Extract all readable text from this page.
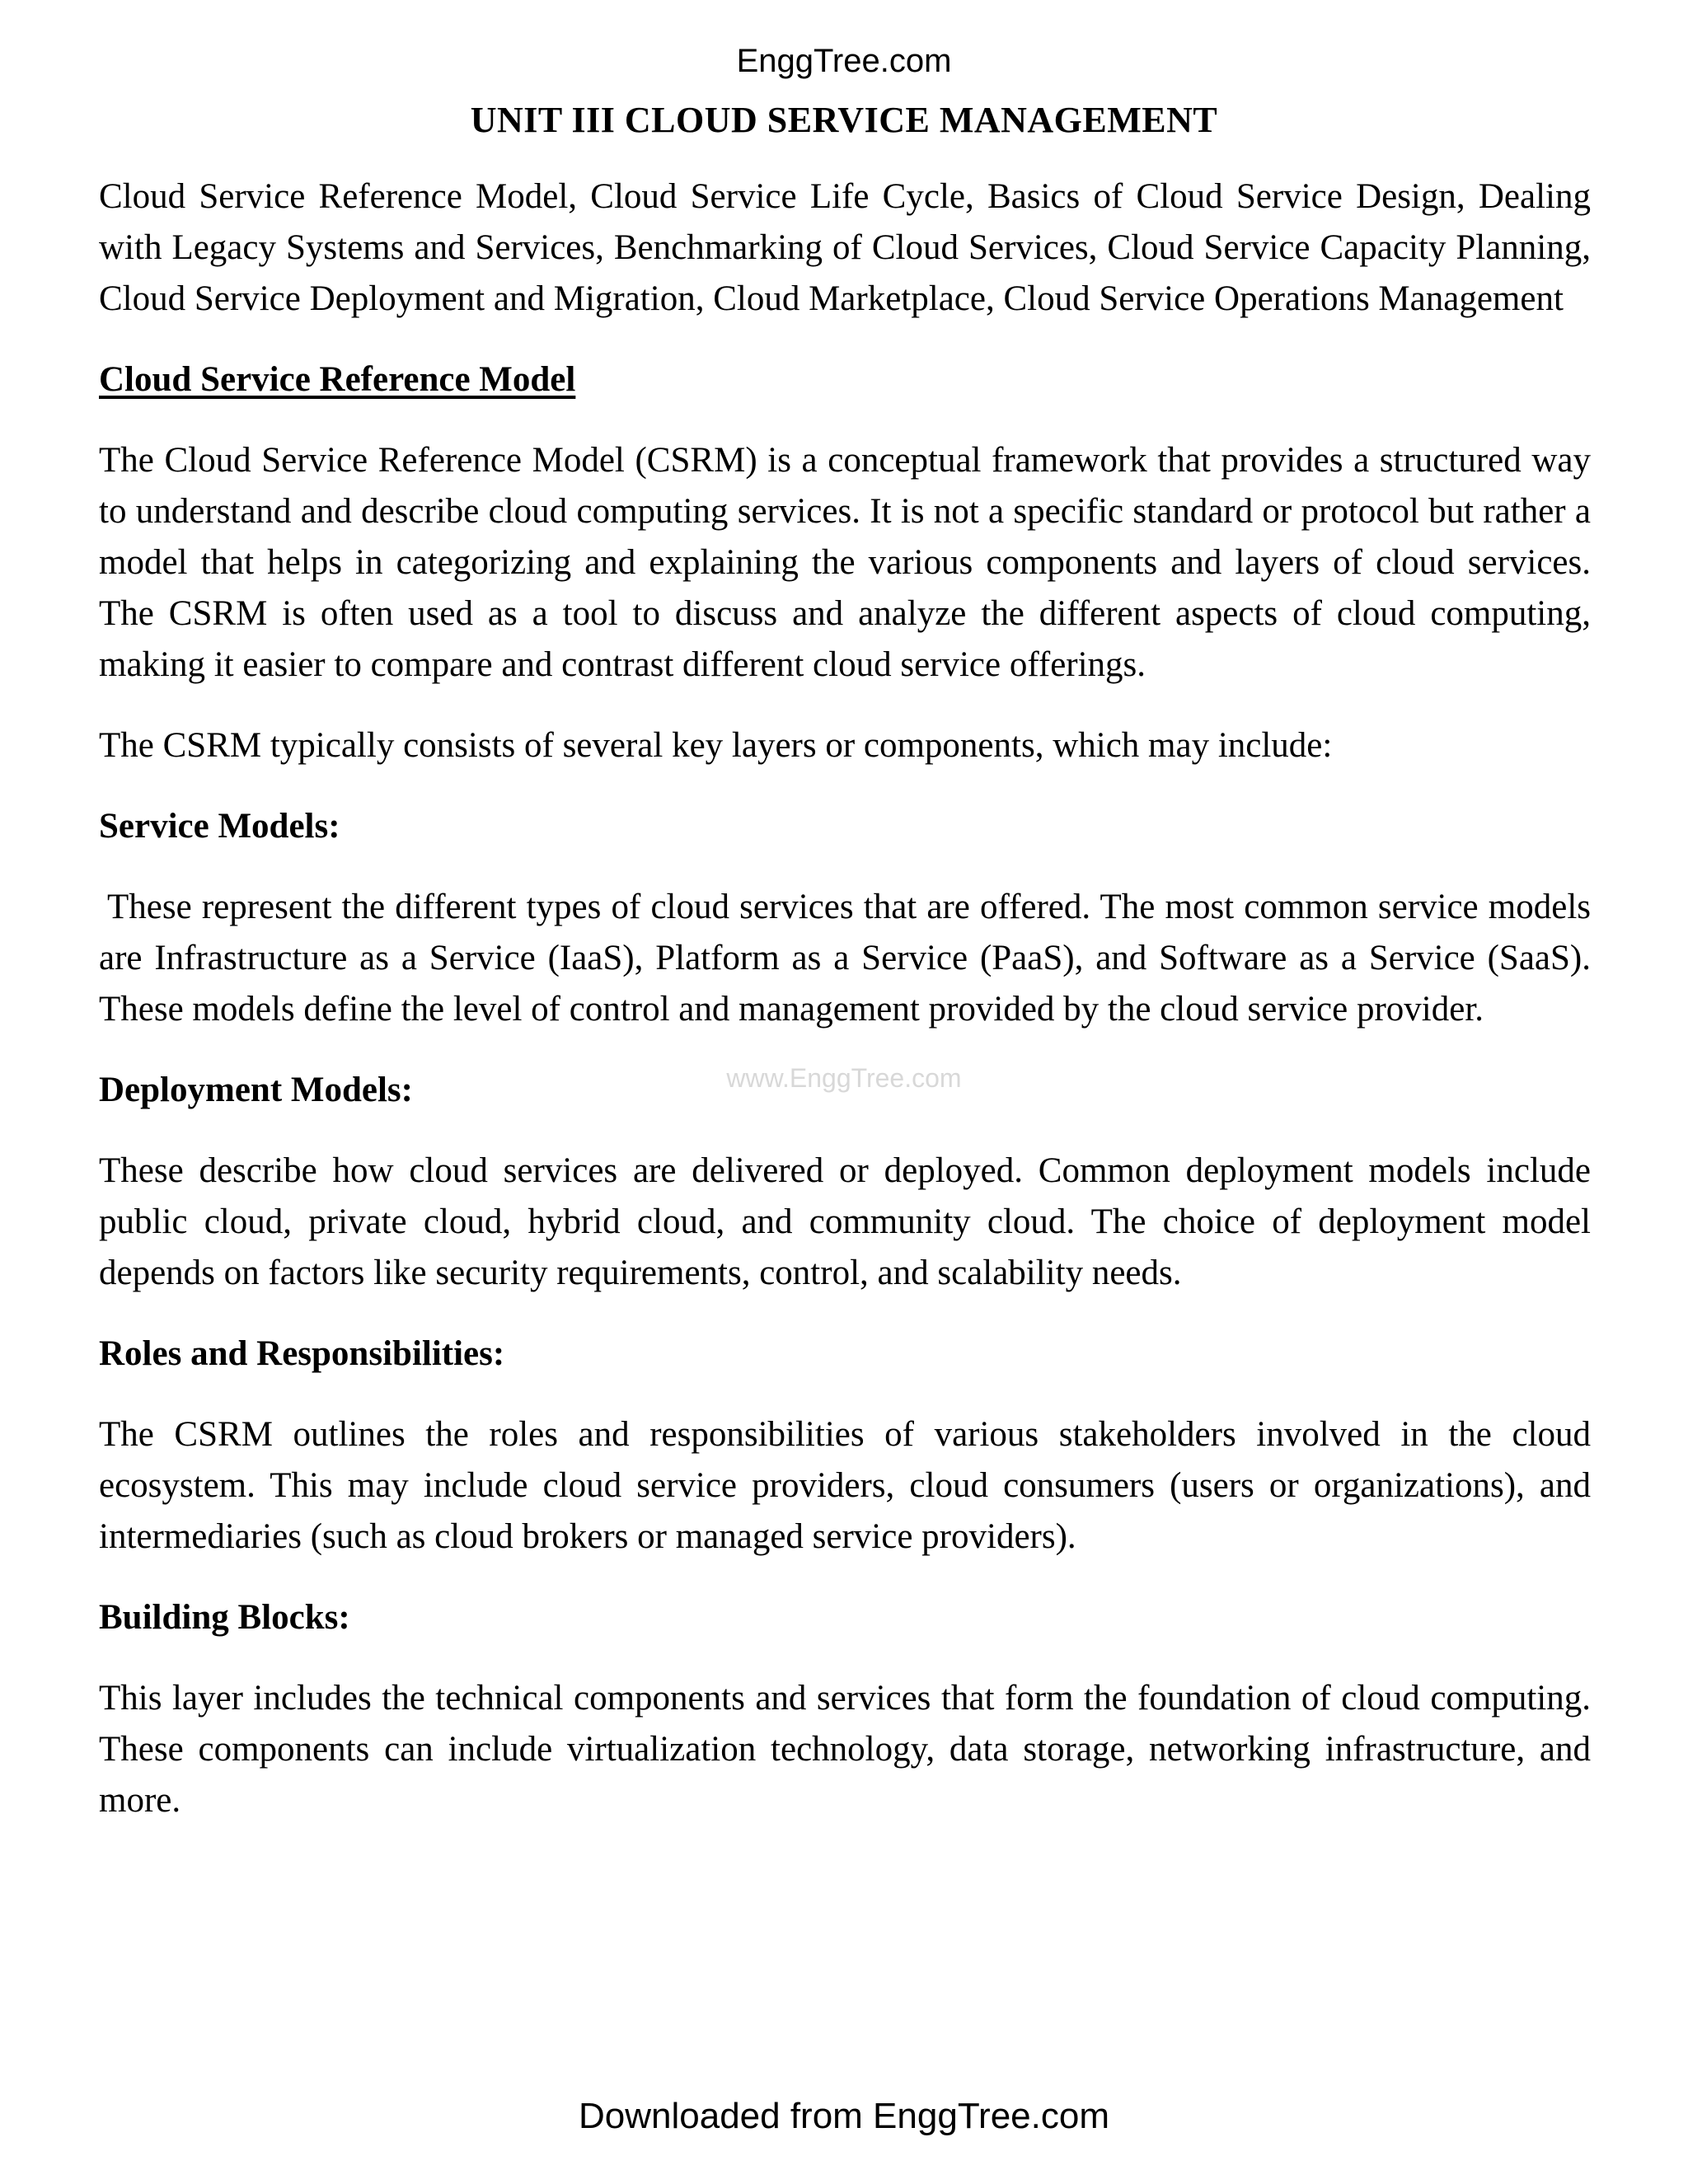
EnggTree.com
UNIT III CLOUD SERVICE MANAGEMENT
www.EnggTree.com

Cloud Service Reference Model, Cloud Service Life Cycle, Basics of Cloud Service Design, Dealing with Legacy Systems and Services, Benchmarking of Cloud Services, Cloud Service Capacity Planning, Cloud Service Deployment and Migration, Cloud Marketplace, Cloud Service Operations Management

Cloud Service Reference Model

The Cloud Service Reference Model (CSRM) is a conceptual framework that provides a structured way to understand and describe cloud computing services. It is not a specific standard or protocol but rather a model that helps in categorizing and explaining the various components and layers of cloud services. The CSRM is often used as a tool to discuss and analyze the different aspects of cloud computing, making it easier to compare and contrast different cloud service offerings.

The CSRM typically consists of several key layers or components, which may include:

Service Models:

These represent the different types of cloud services that are offered. The most common service models are Infrastructure as a Service (IaaS), Platform as a Service (PaaS), and Software as a Service (SaaS). These models define the level of control and management provided by the cloud service provider.

Deployment Models:

These describe how cloud services are delivered or deployed. Common deployment models include public cloud, private cloud, hybrid cloud, and community cloud. The choice of deployment model depends on factors like security requirements, control, and scalability needs.

Roles and Responsibilities:

The CSRM outlines the roles and responsibilities of various stakeholders involved in the cloud ecosystem. This may include cloud service providers, cloud consumers (users or organizations), and intermediaries (such as cloud brokers or managed service providers).

Building Blocks:

This layer includes the technical components and services that form the foundation of cloud computing. These components can include virtualization technology, data storage, networking infrastructure, and more.

Downloaded from EnggTree.com
